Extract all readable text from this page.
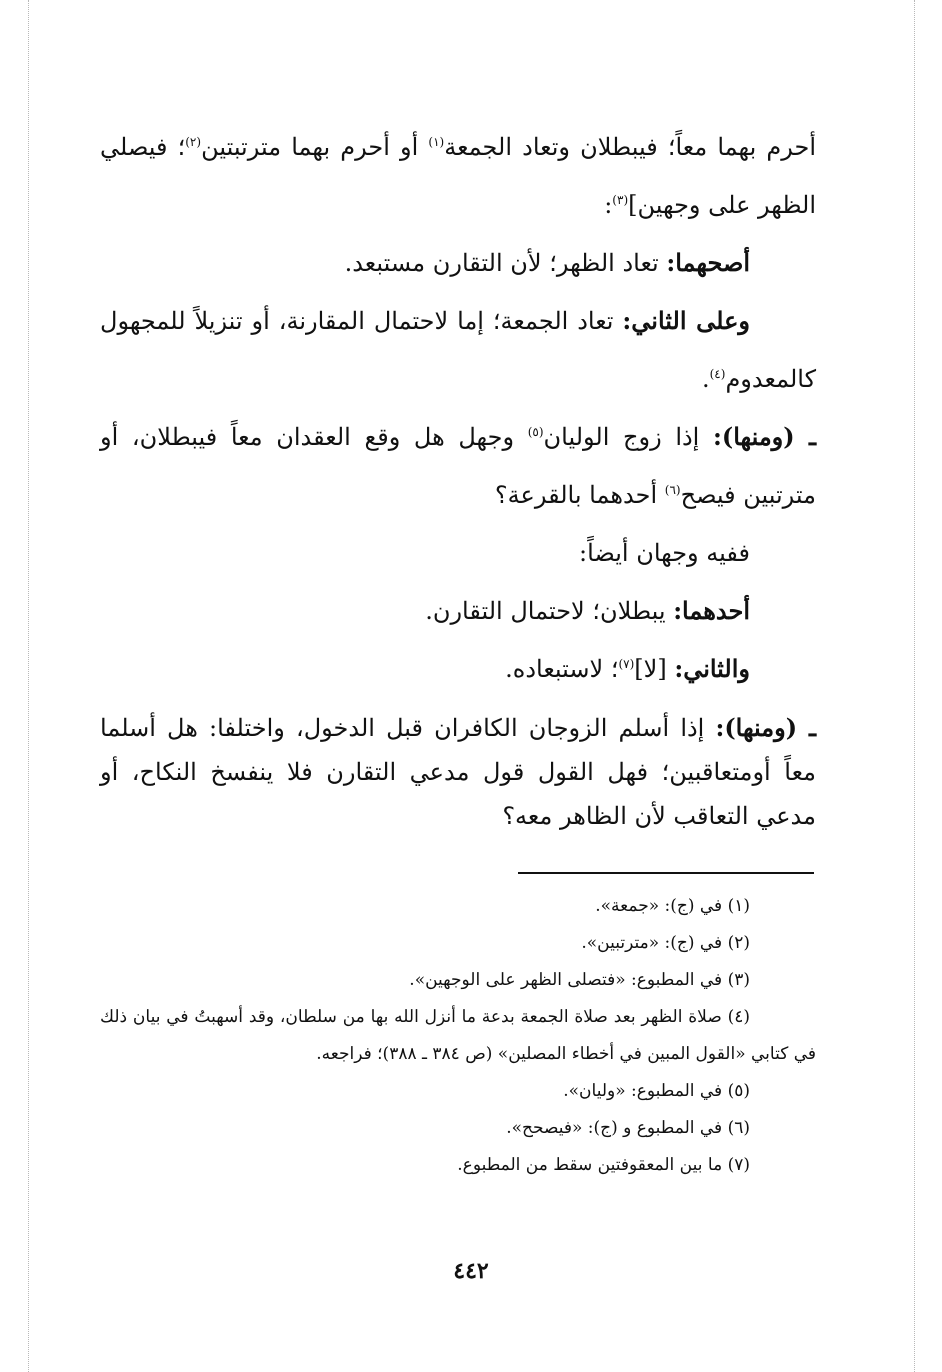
أحرم بهما معاً؛ فيبطلان وتعاد الجمعة$^{(١)}$ أو أحرم بهما مترتبتين$^{(٢)}$؛ فيصلي الظهر على وجهين]$^{(٣)}$:

أصحهما: تعاد الظهر؛ لأن التقارن مستبعد.

وعلى الثاني: تعاد الجمعة؛ إما لاحتمال المقارنة، أو تنزيلاً للمجهول كالمعدوم$^{(٤)}$.

ـ (ومنها): إذا زوج الوليان$^{(٥)}$ وجهل هل وقع العقدان معاً فيبطلان، أو مترتبين فيصح$^{(٦)}$ أحدهما بالقرعة؟

ففيه وجهان أيضاً:

أحدهما: يبطلان؛ لاحتمال التقارن.

والثاني: [لا]$^{(٧)}$؛ لاستبعاده.

ـ (ومنها): إذا أسلم الزوجان الكافران قبل الدخول، واختلفا: هل أسلما معاً أومتعاقبين؛ فهل القول قول مدعي التقارن فلا ينفسخ النكاح، أو مدعي التعاقب لأن الظاهر معه؟

(١) في (ج): «جمعة».

(٢) في (ج): «مترتبين».

(٣) في المطبوع: «فتصلى الظهر على الوجهين».

(٤) صلاة الظهر بعد صلاة الجمعة بدعة ما أنزل الله بها من سلطان، وقد أسهبتُ في بيان ذلك في كتابي «القول المبين في أخطاء المصلين» (ص ٣٨٤ ـ ٣٨٨)؛ فراجعه.

(٥) في المطبوع: «وليان».

(٦) في المطبوع و (ج): «فيصحح».

(٧) ما بين المعقوفتين سقط من المطبوع.

٤٤٢
